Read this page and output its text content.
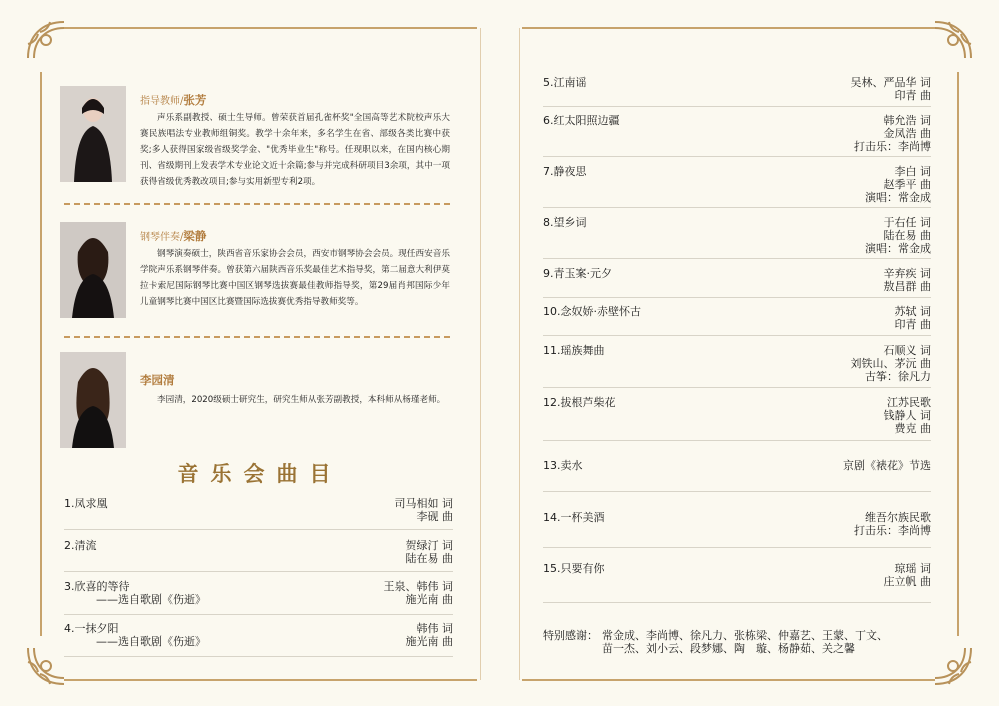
指导教师/张芳
声乐系副教授、硕士生导师。曾荣获首届孔雀杯奖"全国高等艺术院校声乐大赛民族唱法专业教师组铜奖。教学十余年来，多名学生在省、部级各类比赛中获奖;多人获得国家级省级奖学金、"优秀毕业生"称号。任现职以来，在国内核心期刊、省级期刊上发表学术专业论文近十余篇;参与并完成科研项目3余项，其中一项获得省级优秀教改项目;参与实用新型专利2项。
钢琴伴奏/梁静
钢琴演奏硕士，陕西省音乐家协会会员，西安市钢琴协会会员。现任西安音乐学院声乐系钢琴伴奏。曾获第六届陕西音乐奖最佳艺术指导奖，第二届意大利伊莫拉卡索尼国际钢琴比赛中国区钢琴选拔赛最佳教师指导奖，第29届肖邦国际少年儿童钢琴比赛中国区比赛暨国际选拔赛优秀指导教师奖等。
李园清
李园清，2020级硕士研究生，研究生师从张芳副教授，本科师从杨瑾老师。
音乐会曲目
1.凤求凰	司马相如 词
李砚 曲
2.清流	贺绿汀 词
陆在易 曲
3.欣喜的等待
——选自歌剧《伤逝》
王泉、韩伟 词
施光南 曲
4.一抹夕阳
——选自歌剧《伤逝》
韩伟 词
施光南 曲
5.江南谣	吴林、严品华 词
印青 曲
6.红太阳照边疆	韩允浩 词
金凤浩 曲
打击乐：李尚博
7.静夜思	李白 词
赵季平 曲
演唱：常金成
8.望乡词	于右任 词
陆在易 曲
演唱：常金成
9.青玉案·元夕	辛弃疾 词
敖昌群 曲
10.念奴娇·赤壁怀古	苏轼 词
印青 曲
11.瑶族舞曲	石顺义 词
刘铁山、茅沅 曲
古筝：徐凡力
12.拔根芦柴花	江苏民歌
钱静人 词
费克 曲
13.卖水	京剧《裱花》节选
14.一杯美酒	维吾尔族民歌
打击乐：李尚博
15.只要有你	琼瑶 词
庄立帆 曲
特别感谢： 常金成、李尚博、徐凡力、张栋梁、仲嘉艺、王蒙、丁文、
苗一杰、刘小云、段梦娜、陶　璇、杨静茹、关之馨
